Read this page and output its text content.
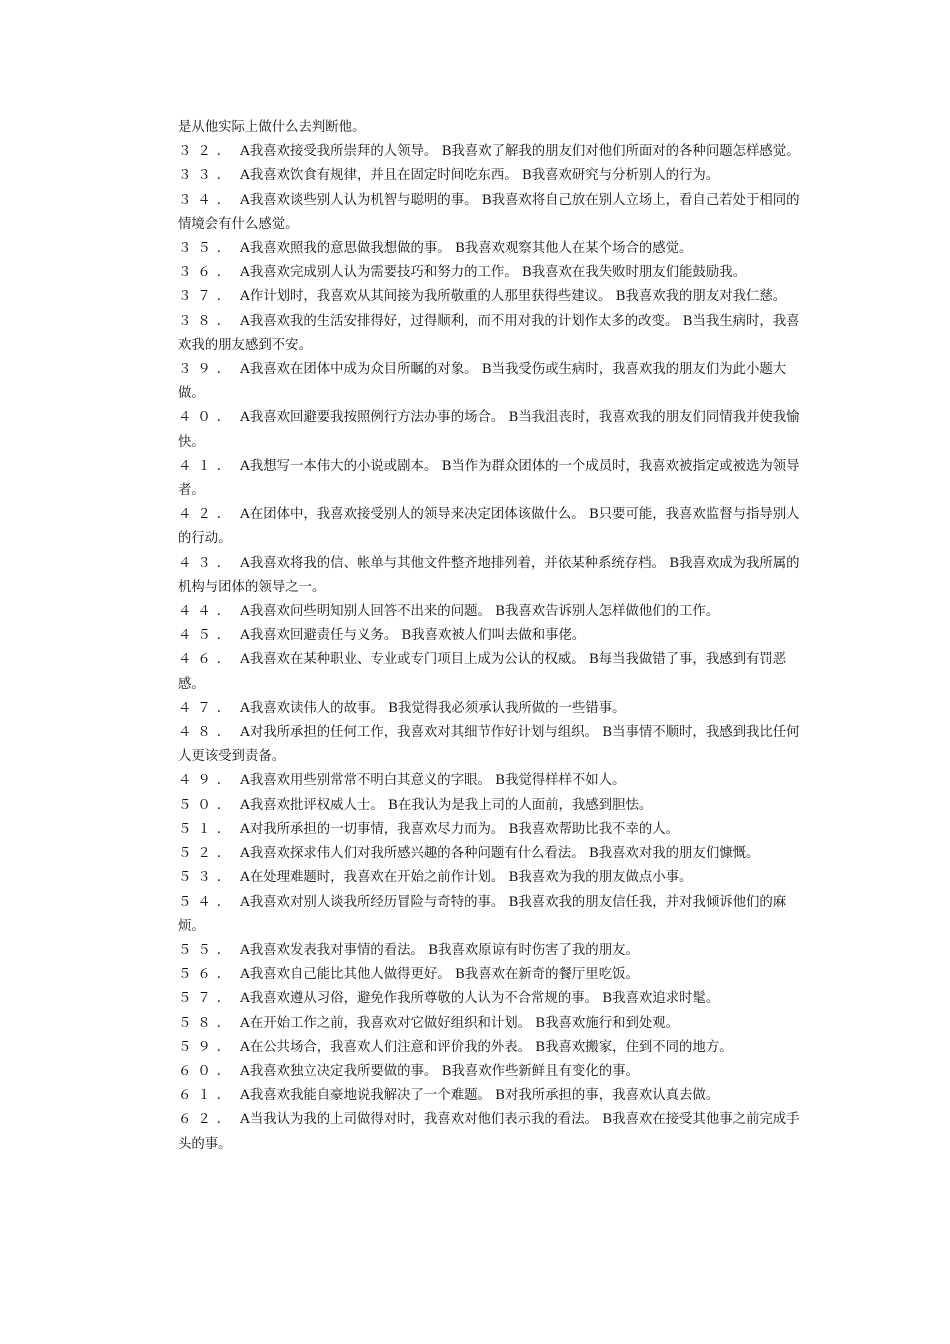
是从他实际上做什么去判断他。

３２． A我喜欢接受我所崇拜的人领导。 B我喜欢了解我的朋友们对他们所面对的各种问题怎样感觉。

３３． A我喜欢饮食有规律，并且在固定时间吃东西。 B我喜欢研究与分析别人的行为。

３４． A我喜欢谈些别人认为机智与聪明的事。 B我喜欢将自己放在别人立场上，看自己若处于相同的情境会有什么感觉。

３５． A我喜欢照我的意思做我想做的事。 B我喜欢观察其他人在某个场合的感觉。

３６． A我喜欢完成别人认为需要技巧和努力的工作。 B我喜欢在我失败时朋友们能鼓励我。

３７． A作计划时，我喜欢从其间接为我所敬重的人那里获得些建议。 B我喜欢我的朋友对我仁慈。

３８． A我喜欢我的生活安排得好，过得顺利，而不用对我的计划作太多的改变。 B当我生病时，我喜欢我的朋友感到不安。

３９． A我喜欢在团体中成为众目所瞩的对象。 B当我受伤或生病时，我喜欢我的朋友们为此小题大做。

４０． A我喜欢回避要我按照例行方法办事的场合。 B当我沮丧时，我喜欢我的朋友们同情我并使我愉快。

４１． A我想写一本伟大的小说或剧本。 B当作为群众团体的一个成员时，我喜欢被指定或被选为领导者。

４２． A在团体中，我喜欢接受别人的领导来决定团体该做什么。 B只要可能，我喜欢监督与指导别人的行动。

４３． A我喜欢将我的信、帐单与其他文件整齐地排列着，并依某种系统存档。 B我喜欢成为我所属的机构与团体的领导之一。

４４． A我喜欢问些明知别人回答不出来的问题。 B我喜欢告诉别人怎样做他们的工作。

４５． A我喜欢回避责任与义务。 B我喜欢被人们叫去做和事佬。

４６． A我喜欢在某种职业、专业或专门项目上成为公认的权威。 B每当我做错了事，我感到有罚恶感。

４７． A我喜欢读伟人的故事。 B我觉得我必须承认我所做的一些错事。

４８． A对我所承担的任何工作，我喜欢对其细节作好计划与组织。 B当事情不顺时，我感到我比任何人更该受到责备。

４９． A我喜欢用些别常常不明白其意义的字眼。 B我觉得样样不如人。

５０． A我喜欢批评权威人士。 B在我认为是我上司的人面前，我感到胆怯。

５１． A对我所承担的一切事情，我喜欢尽力而为。 B我喜欢帮助比我不幸的人。

５２． A我喜欢探求伟人们对我所感兴趣的各种问题有什么看法。 B我喜欢对我的朋友们慷慨。

５３． A在处理难题时，我喜欢在开始之前作计划。 B我喜欢为我的朋友做点小事。

５４． A我喜欢对别人谈我所经历冒险与奇特的事。 B我喜欢我的朋友信任我，并对我倾诉他们的麻烦。

５５． A我喜欢发表我对事情的看法。 B我喜欢原谅有时伤害了我的朋友。

５６． A我喜欢自己能比其他人做得更好。 B我喜欢在新奇的餐厅里吃饭。

５７． A我喜欢遵从习俗，避免作我所尊敬的人认为不合常规的事。 B我喜欢追求时髦。

５８． A在开始工作之前，我喜欢对它做好组织和计划。 B我喜欢施行和到处观。

５９． A在公共场合，我喜欢人们注意和评价我的外表。 B我喜欢搬家，住到不同的地方。

６０． A我喜欢独立决定我所要做的事。 B我喜欢作些新鲜且有变化的事。

６１． A我喜欢我能自豪地说我解决了一个难题。 B对我所承担的事，我喜欢认真去做。

６２． A当我认为我的上司做得对时，我喜欢对他们表示我的看法。 B我喜欢在接受其他事之前完成手头的事。
